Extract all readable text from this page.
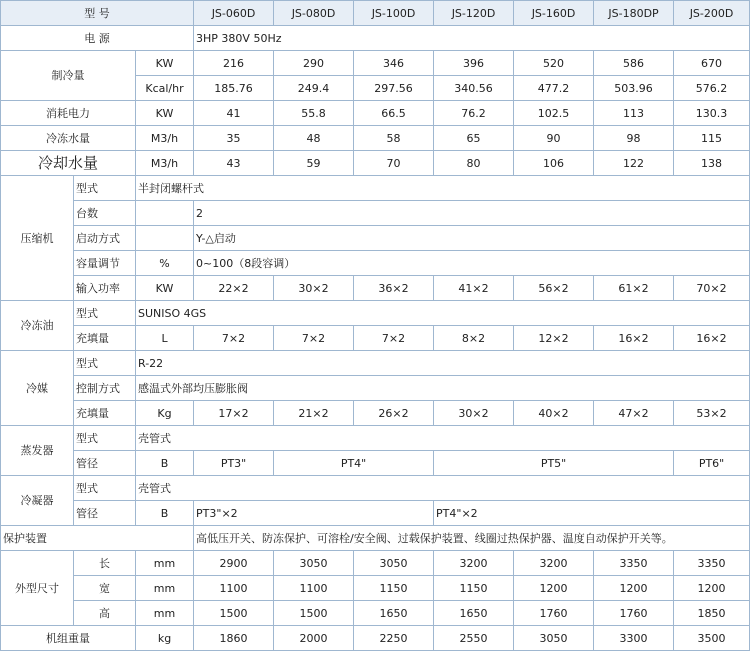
型 号			JS-060D	JS-080D	JS-100D	JS-120D	JS-160D	JS-180DP	JS-200D
电 源			3HP 380V 50Hz						
制冷量		KW	216	290	346	396	520	586	670
		Kcal/hr	185.76	249.4	297.56	340.56	477.2	503.96	576.2
消耗电力		KW	41	55.8	66.5	76.2	102.5	113	130.3
冷冻水量		M3/h	35	48	58	65	90	98	115
冷却水量		M3/h	43	59	70	80	106	122	138
压缩机	型式	半封闭螺杆式							
	台数		2						
	启动方式		Y-△启动						
	容量调节	%	0~100（8段容调）						
	输入功率	KW	22×2	30×2	36×2	41×2	56×2	61×2	70×2
冷冻油	型式	SUNISO 4GS							
	充填量	L	7×2	7×2	7×2	8×2	12×2	16×2	16×2
冷媒	型式	R-22							
	控制方式	感温式外部均压膨胀阀							
	充填量	Kg	17×2	21×2	26×2	30×2	40×2	47×2	53×2
蒸发器	型式	壳管式							
	管径	B	PT3"	PT4"		PT5"			PT6"
冷凝器	型式	壳管式							
	管径	B	PT3"×2			PT4"×2			
保护装置			高低压开关、防冻保护、可溶栓/安全阀、过载保护装置、线圈过热保护器、温度自动保护开关等。						
外型尺寸	长	mm	2900	3050	3050	3200	3200	3350	3350
	宽	mm	1100	1100	1150	1150	1200	1200	1200
	高	mm	1500	1500	1650	1650	1760	1760	1850
机组重量		kg	1860	2000	2250	2550	3050	3300	3500
